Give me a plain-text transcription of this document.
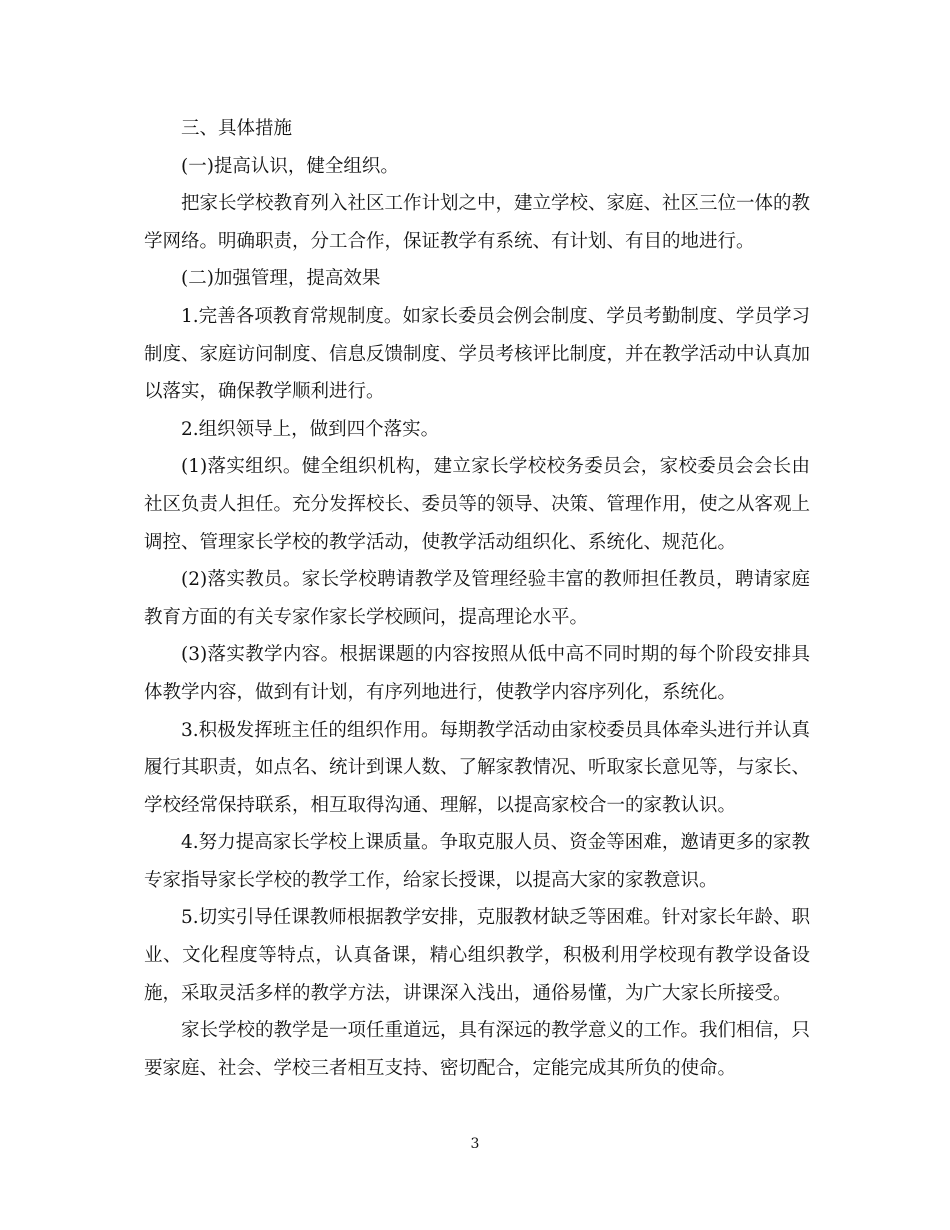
三、具体措施

(一)提高认识，健全组织。

把家长学校教育列入社区工作计划之中，建立学校、家庭、社区三位一体的教学网络。明确职责，分工合作，保证教学有系统、有计划、有目的地进行。

(二)加强管理，提高效果

1.完善各项教育常规制度。如家长委员会例会制度、学员考勤制度、学员学习制度、家庭访问制度、信息反馈制度、学员考核评比制度，并在教学活动中认真加以落实，确保教学顺利进行。

2.组织领导上，做到四个落实。

(1)落实组织。健全组织机构，建立家长学校校务委员会，家校委员会会长由社区负责人担任。充分发挥校长、委员等的领导、决策、管理作用，使之从客观上调控、管理家长学校的教学活动，使教学活动组织化、系统化、规范化。

(2)落实教员。家长学校聘请教学及管理经验丰富的教师担任教员，聘请家庭教育方面的有关专家作家长学校顾问，提高理论水平。

(3)落实教学内容。根据课题的内容按照从低中高不同时期的每个阶段安排具体教学内容，做到有计划，有序列地进行，使教学内容序列化，系统化。

3.积极发挥班主任的组织作用。每期教学活动由家校委员具体牵头进行并认真履行其职责，如点名、统计到课人数、了解家教情况、听取家长意见等，与家长、学校经常保持联系，相互取得沟通、理解，以提高家校合一的家教认识。

4.努力提高家长学校上课质量。争取克服人员、资金等困难，邀请更多的家教专家指导家长学校的教学工作，给家长授课，以提高大家的家教意识。

5.切实引导任课教师根据教学安排，克服教材缺乏等困难。针对家长年龄、职业、文化程度等特点，认真备课，精心组织教学，积极利用学校现有教学设备设施，采取灵活多样的教学方法，讲课深入浅出，通俗易懂，为广大家长所接受。

家长学校的教学是一项任重道远，具有深远的教学意义的工作。我们相信，只要家庭、社会、学校三者相互支持、密切配合，定能完成其所负的使命。

3
